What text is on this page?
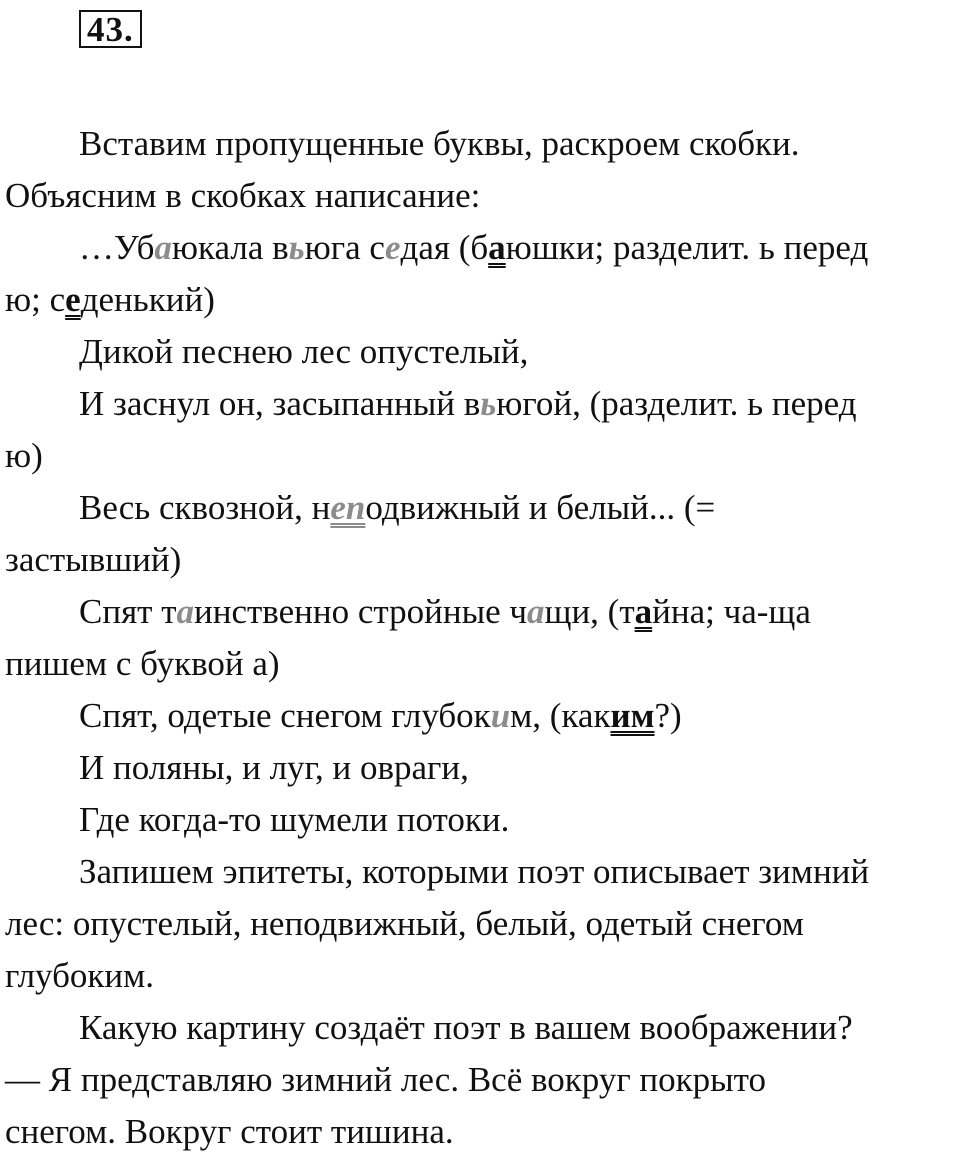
43.
Вставим пропущенные буквы, раскроем скобки.
Объясним в скобках написание:
…Убаюкала вьюга седая (баюшки; разделит. ь перед
ю; седенький)
Дикой песнею лес опустелый,
И заснул он, засыпанный вьюгой, (разделит. ь перед
ю)
Весь сквозной, неподвижный и белый... (=
застывший)
Спят таинственно стройные чащи, (тайна; ча-ща
пишем с буквой а)
Спят, одетые снегом глубоким, (каким?)
И поляны, и луг, и овраги,
Где когда-то шумели потоки.
Запишем эпитеты, которыми поэт описывает зимний
лес: опустелый, неподвижный, белый, одетый снегом
глубоким.
Какую картину создаёт поэт в вашем воображении?
— Я представляю зимний лес. Всё вокруг покрыто
снегом. Вокруг стоит тишина.
